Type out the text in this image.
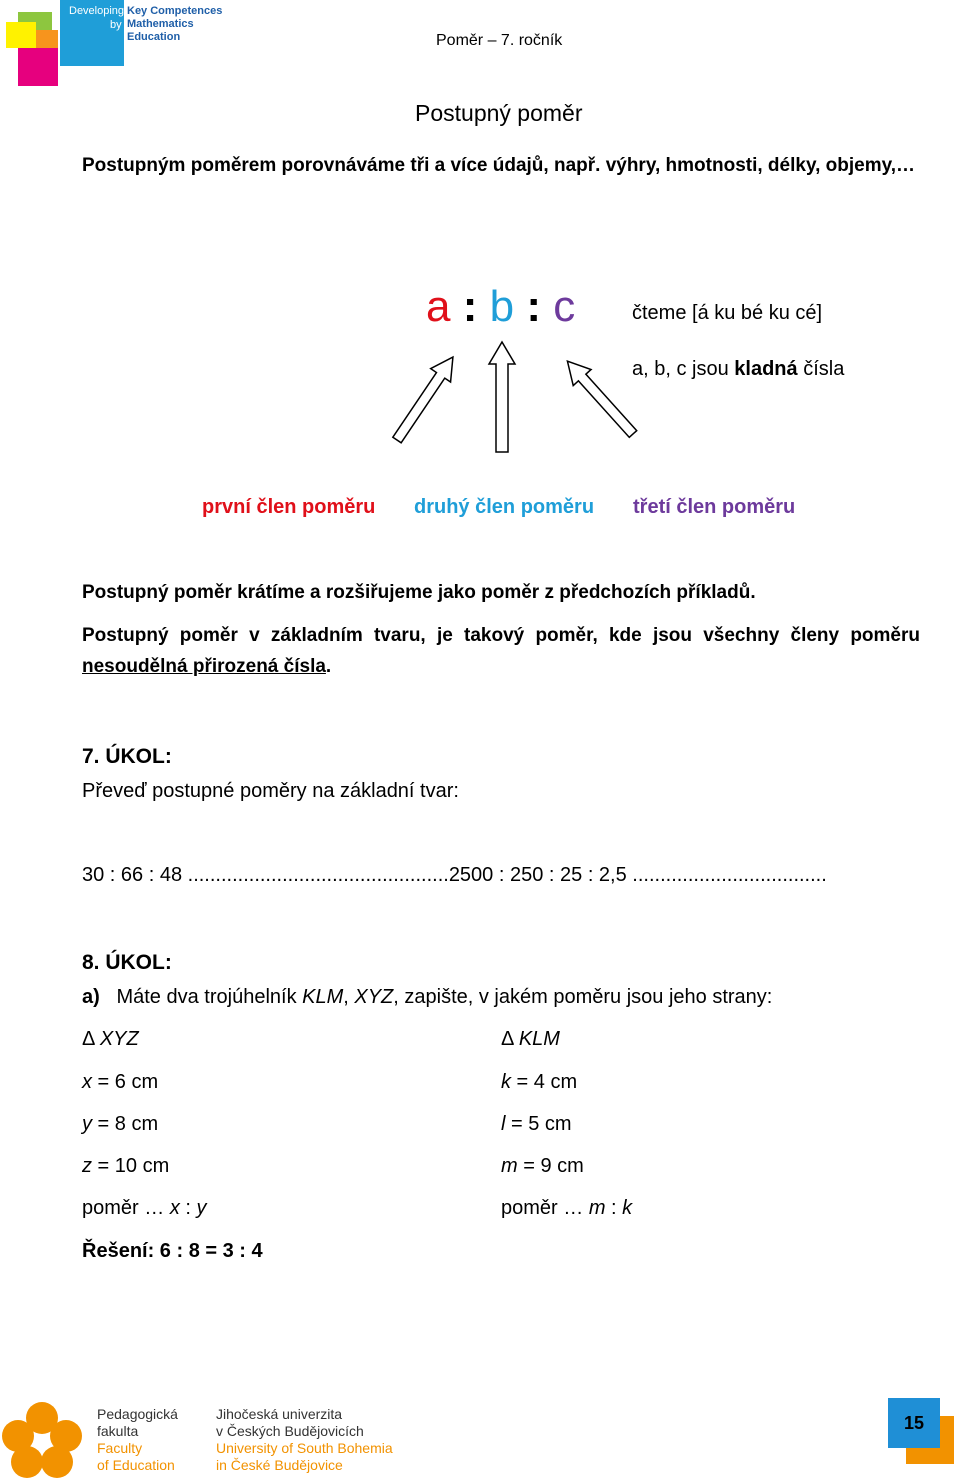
Developing
by
Key Competences
Mathematics
Education	Poměr – 7. ročník
Postupný poměr
Postupným poměrem porovnáváme tři a více údajů, např. výhry, hmotnosti, délky, objemy,…
a : b : c	čteme [á ku bé ku cé]
a, b, c jsou kladná čísla
první člen poměru druhý člen poměru třetí člen poměru
Postupný poměr krátíme a rozšiřujeme jako poměr z předchozích příkladů.
Postupný poměr v základním tvaru, je takový poměr, kde jsou všechny členy poměru nesoudělná přirozená čísla.
7. ÚKOL:
Převeď postupné poměry na základní tvar:
30 : 66 : 48 ...............................................2500 : 250 : 25 : 2,5 ...................................
8. ÚKOL:
a) Máte dva trojúhelník KLM, XYZ, zapište, v jakém poměru jsou jeho strany:
Δ XYZ
x = 6 cm
y = 8 cm
z = 10 cm
poměr … x : y
Δ KLM
k = 4 cm
l = 5 cm
m = 9 cm
poměr … m : k
Řešení: 6 : 8 = 3 : 4
Pedagogická
fakulta
Faculty
of Education
Jihočeská univerzita
v Českých Budějovicích
University of South Bohemia
in České Budějovice
15
